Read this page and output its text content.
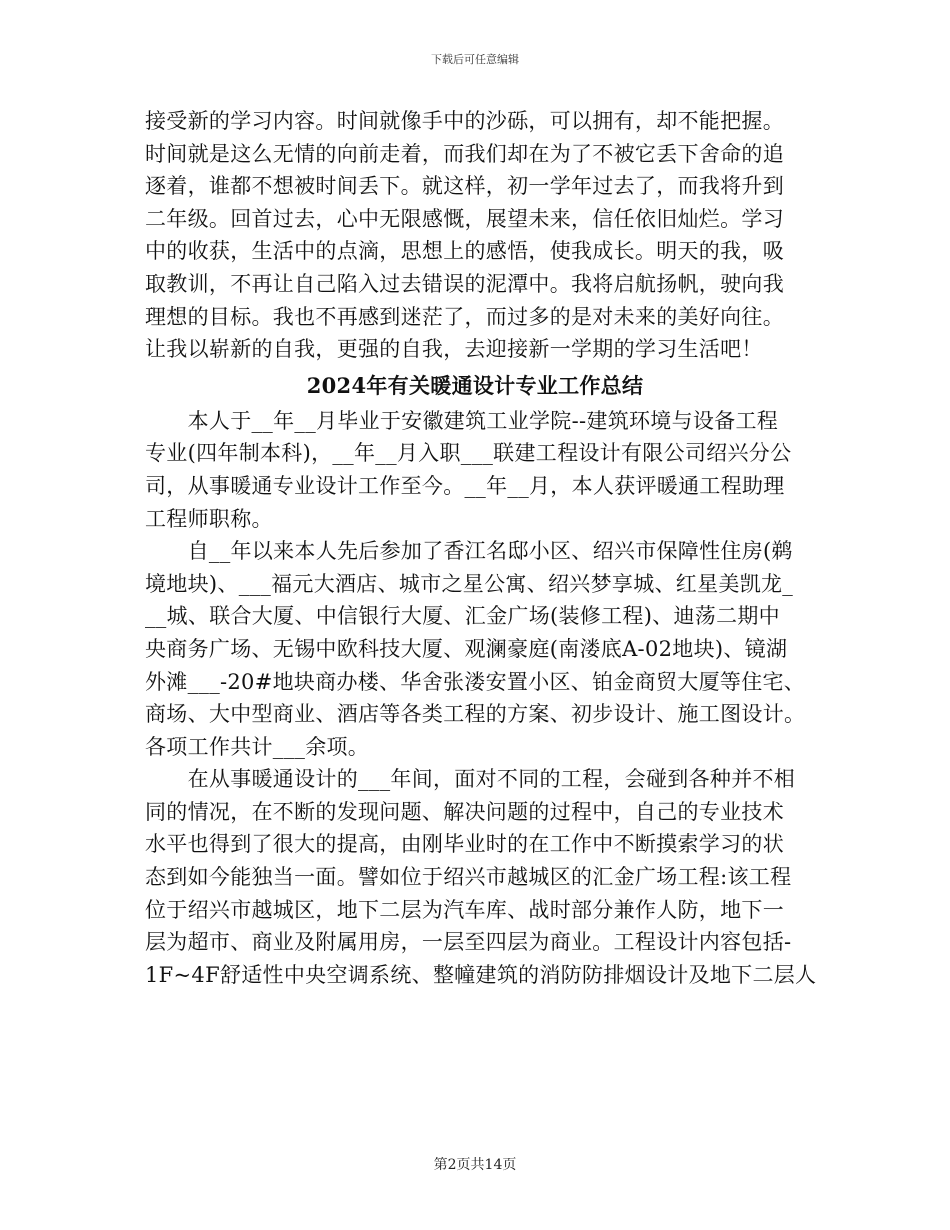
下载后可任意编辑
接受新的学习内容。时间就像手中的沙砾，可以拥有，却不能把握。
时间就是这么无情的向前走着，而我们却在为了不被它丢下舍命的追
逐着，谁都不想被时间丢下。就这样，初一学年过去了，而我将升到
二年级。回首过去，心中无限感慨，展望未来，信任依旧灿烂。学习
中的收获，生活中的点滴，思想上的感悟，使我成长。明天的我，吸
取教训，不再让自己陷入过去错误的泥潭中。我将启航扬帆，驶向我
理想的目标。我也不再感到迷茫了，而过多的是对未来的美好向往。
让我以崭新的自我，更强的自我，去迎接新一学期的学习生活吧！
2024年有关暖通设计专业工作总结
　　本人于__年__月毕业于安徽建筑工业学院--建筑环境与设备工程
专业(四年制本科)，__年__月入职___联建工程设计有限公司绍兴分公
司，从事暖通专业设计工作至今。__年__月，本人获评暖通工程助理
工程师职称。
　　自__年以来本人先后参加了香江名邸小区、绍兴市保障性住房(鹈
境地块)、___福元大酒店、城市之星公寓、绍兴梦享城、红星美凯龙_
__城、联合大厦、中信银行大厦、汇金广场(装修工程)、迪荡二期中
央商务广场、无锡中欧科技大厦、观澜豪庭(南溇底A-02地块)、镜湖
外滩___-20#地块商办楼、华舍张溇安置小区、铂金商贸大厦等住宅、
商场、大中型商业、酒店等各类工程的方案、初步设计、施工图设计。
各项工作共计___余项。
　　在从事暖通设计的___年间，面对不同的工程，会碰到各种并不相
同的情况，在不断的发现问题、解决问题的过程中，自己的专业技术
水平也得到了很大的提高，由刚毕业时的在工作中不断摸索学习的状
态到如今能独当一面。譬如位于绍兴市越城区的汇金广场工程:该工程
位于绍兴市越城区，地下二层为汽车库、战时部分兼作人防，地下一
层为超市、商业及附属用房，一层至四层为商业。工程设计内容包括-
1F~4F舒适性中央空调系统、整幢建筑的消防防排烟设计及地下二层人
第2页共14页
